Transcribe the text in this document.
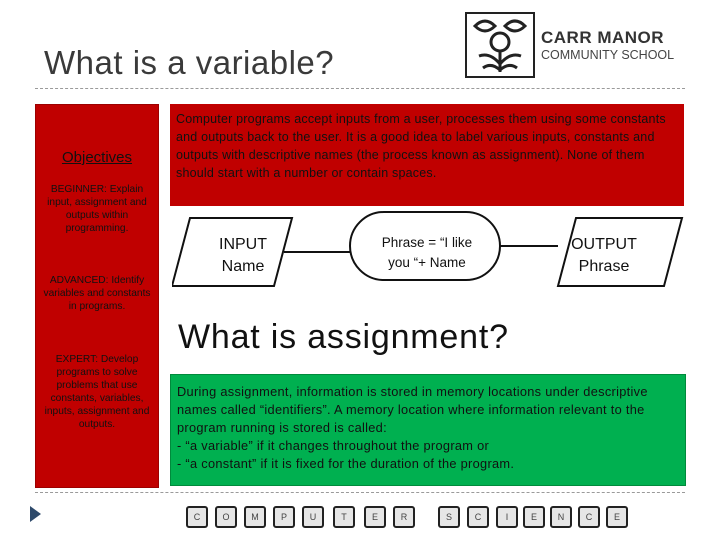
What is a variable?
CARR MANOR
COMMUNITY SCHOOL
Objectives
BEGINNER: Explain input, assignment and outputs within programming.
ADVANCED: Identify variables and constants in programs.
EXPERT: Develop programs to solve problems that use constants, variables, inputs, assignment and outputs.
Computer programs accept inputs from a user, processes them using some constants and outputs back to the user. It is a good idea to label various inputs, constants and outputs with descriptive names (the process known as assignment). None of them should start with a number or contain spaces.
INPUT
Name
Phrase = “I like
you “+ Name
OUTPUT
Phrase
What is assignment?
During assignment, information is stored in memory locations under descriptive names called “identifiers”. A memory location where information relevant to the program running is stored is called:
- “a variable” if it changes throughout the program or
- “a constant” if it is fixed for the duration of the program.
C	O	M	P	U	T	E	R	S	C	I	E	N	C	E
